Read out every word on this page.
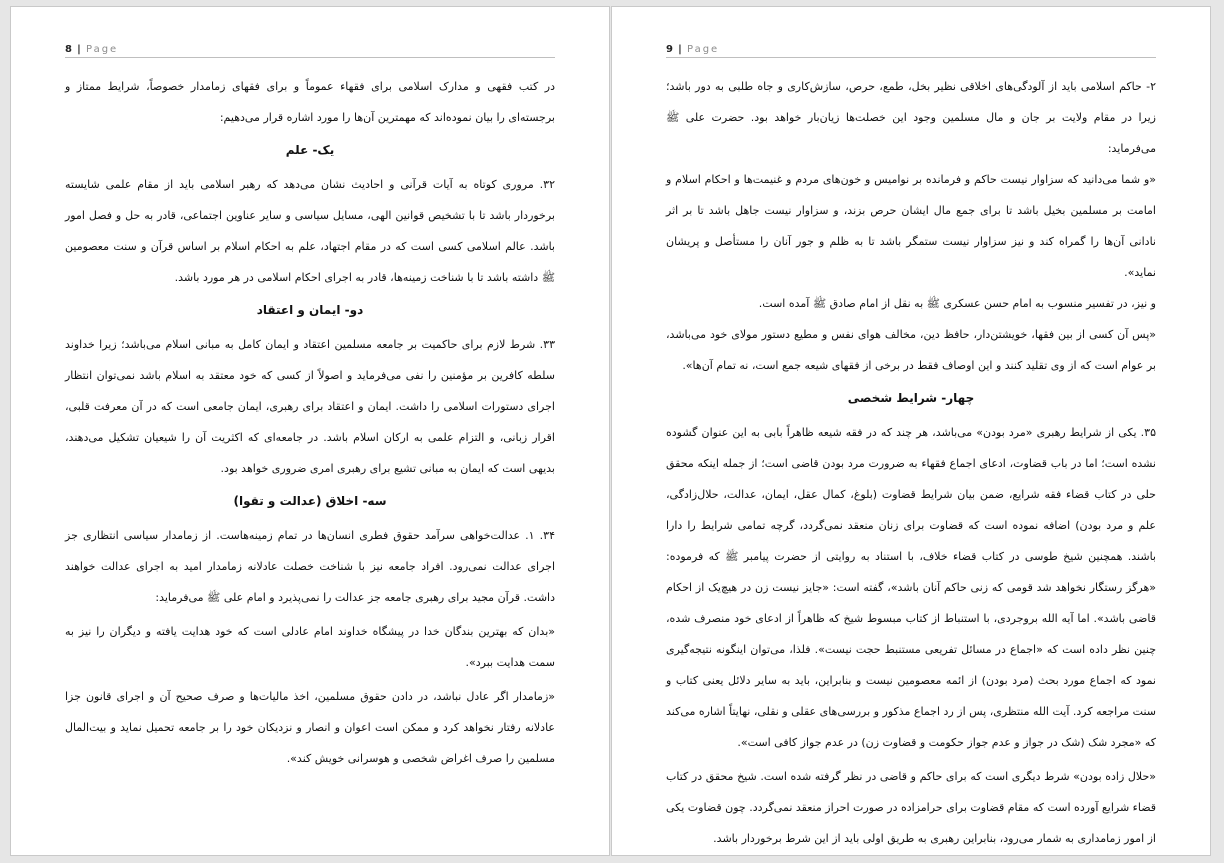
8 | Page

در کتب فقهی و مدارک اسلامی برای فقهاء عموماً و برای فقهای زمامدار خصوصاً، شرایط ممتاز و برجسته‌ای را بیان نموده‌اند که مهمترین آن‌ها را مورد اشاره قرار می‌دهیم:

یک- علم

۳۲. مروری کوتاه به آیات قرآنی و احادیث نشان می‌دهد که رهبر اسلامی باید از مقام علمی شایسته برخوردار باشد تا با تشخیص قوانین الهی، مسایل سیاسی و سایر عناوین اجتماعی، قادر به حل و فصل امور باشد. عالم اسلامی کسی است که در مقام اجتهاد، علم به احکام اسلام بر اساس قرآن و سنت معصومین ﷺ داشته باشد تا با شناخت زمینه‌ها، قادر به اجرای احکام اسلامی در هر مورد باشد.

دو- ایمان و اعتقاد

۳۳. شرط لازم برای حاکمیت بر جامعه مسلمین اعتقاد و ایمان کامل به مبانی اسلام می‌باشد؛ زیرا خداوند سلطه کافرین بر مؤمنین را نفی می‌فرماید و اصولاً از کسی که خود معتقد به اسلام باشد نمی‌توان انتظار اجرای دستورات اسلامی را داشت. ایمان و اعتقاد برای رهبری، ایمان جامعی است که در آن معرفت قلبی، اقرار زبانی، و التزام علمی به ارکان اسلام باشد. در جامعه‌ای که اکثریت آن را شیعیان تشکیل می‌دهند، بدیهی است که ایمان به مبانی تشیع برای رهبری امری ضروری خواهد بود.

سه- اخلاق (عدالت و تقوا)

۳۴. ۱. عدالت‌خواهی سرآمد حقوق فطری انسان‌ها در تمام زمینه‌هاست. از زمامدار سیاسی انتظاری جز اجرای عدالت نمی‌رود. افراد جامعه نیز با شناخت خصلت عادلانه زمامدار امید به اجرای عدالت خواهند داشت. قرآن مجید برای رهبری جامعه جز عدالت را نمی‌پذیرد و امام علی ﷺ می‌فرماید:

«بدان که بهترین بندگان خدا در پیشگاه خداوند امام عادلی است که خود هدایت یافته و دیگران را نیز به سمت هدایت ببرد».

«زمامدار اگر عادل نباشد، در دادن حقوق مسلمین، اخذ مالیات‌ها و صرف صحیح آن و اجرای قانون جزا عادلانه رفتار نخواهد کرد و ممکن است اعوان و انصار و نزدیکان خود را بر جامعه تحمیل نماید و بیت‌المال مسلمین را صرف اغراض شخصی و هوسرانی خویش کند».

9 | Page

۲- حاکم اسلامی باید از آلودگی‌های اخلاقی نظیر بخل، طمع، حرص، سازش‌کاری و جاه طلبی به دور باشد؛ زیرا در مقام ولایت بر جان و مال مسلمین وجود این خصلت‌ها زیان‌بار خواهد بود. حضرت علی ﷺ می‌فرماید:

«و شما می‌دانید که سزاوار نیست حاکم و فرمانده بر نوامیس و خون‌های مردم و غنیمت‌ها و احکام اسلام و امامت بر مسلمین بخیل باشد تا برای جمع مال ایشان حرص بزند، و سزاوار نیست جاهل باشد تا بر اثر نادانی آن‌ها را گمراه کند و نیز سزاوار نیست ستمگر باشد تا به ظلم و جور آنان را مستأصل و پریشان نماید».

و نیز، در تفسیر منسوب به امام حسن عسکری ﷺ به نقل از امام صادق ﷺ آمده است.

«پس آن کسی از بین فقها، خویشتن‌دار، حافظ دین، مخالف هوای نفس و مطیع دستور مولای خود می‌باشد، بر عوام است که از وی تقلید کنند و این اوصاف فقط در برخی از فقهای شیعه جمع است، نه تمام آن‌ها».

چهار- شرایط شخصی

۳۵. یکی از شرایط رهبری «مرد بودن» می‌باشد، هر چند که در فقه شیعه ظاهراً بابی به این عنوان گشوده نشده است؛ اما در باب قضاوت، ادعای اجماع فقهاء به ضرورت مرد بودن قاضی است؛ از جمله اینکه محقق حلی در کتاب قضاء فقه شرایع، ضمن بیان شرایط قضاوت (بلوغ، کمال عقل، ایمان، عدالت، حلال‌زادگی، علم و مرد بودن) اضافه نموده است که قضاوت برای زنان منعقد نمی‌گردد، گرچه تمامی شرایط را دارا باشند. همچنین شیخ طوسی در کتاب قضاء خلاف، با استناد به روایتی از حضرت پیامبر ﷺ که فرموده: «هرگز رستگار نخواهد شد قومی که زنی حاکم آنان باشد»، گفته است: «جایز نیست زن در هیچ‌یک از احکام قاضی باشد». اما آیه الله بروجردی، با استنباط از کتاب مبسوط شیخ که ظاهراً از ادعای خود منصرف شده، چنین نظر داده است که «اجماع در مسائل تفریعی مستنبط حجت نیست». فلذا، می‌توان اینگونه نتیجه‌گیری نمود که اجماع مورد بحث (مرد بودن) از ائمه معصومین نیست و بنابراین، باید به سایر دلائل یعنی کتاب و سنت مراجعه کرد. آیت الله منتظری، پس از رد اجماع مذکور و بررسی‌های عقلی و نقلی، نهایتاً اشاره می‌کند که «مجرد شک (شک در جواز و عدم جواز حکومت و قضاوت زن) در عدم جواز کافی است».

«حلال زاده بودن» شرط دیگری است که برای حاکم و قاضی در نظر گرفته شده است. شیخ محقق در کتاب قضاء شرایع آورده است که مقام قضاوت برای حرامزاده در صورت احراز منعقد نمی‌گردد. چون قضاوت یکی از امور زمامداری به شمار می‌رود، بنابراین رهبری به طریق اولی باید از این شرط برخوردار باشد.
